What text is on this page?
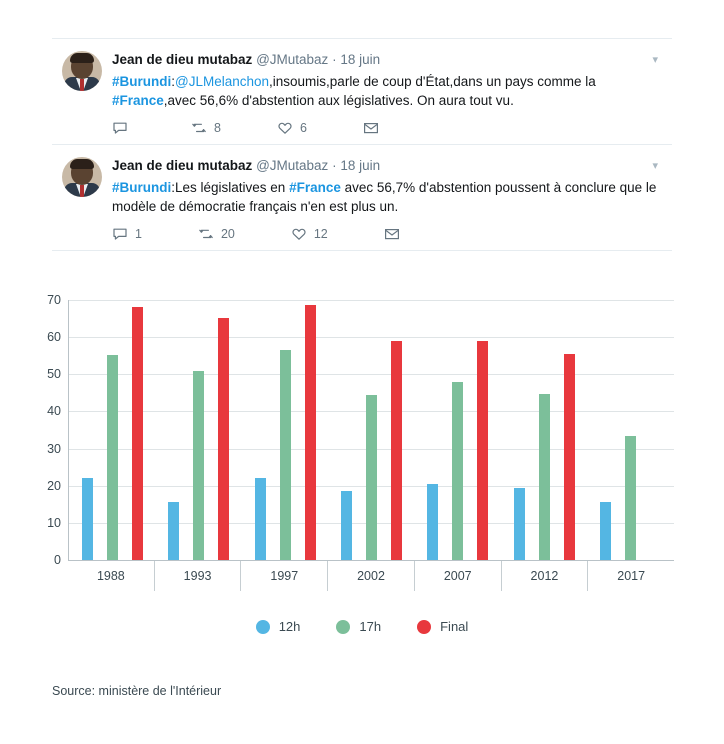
Jean de dieu mutabaz @JMutabaz · 18 juin
#Burundi:@JLMelanchon,insoumis,parle de coup d'État,dans un pays comme la #France,avec 56,6% d'abstention aux législatives. On aura tout vu.
8	6
▾
Jean de dieu mutabaz @JMutabaz · 18 juin
#Burundi:Les législatives en #France avec 56,7% d'abstention poussent à conclure que le modèle de démocratie français n'en est plus un.
1	20	12
▾
0
10
20
30
40
50
60
70
1988	1993	1997	2002	2007	2012	2017
12h	17h	Final
Source: ministère de l'Intérieur
